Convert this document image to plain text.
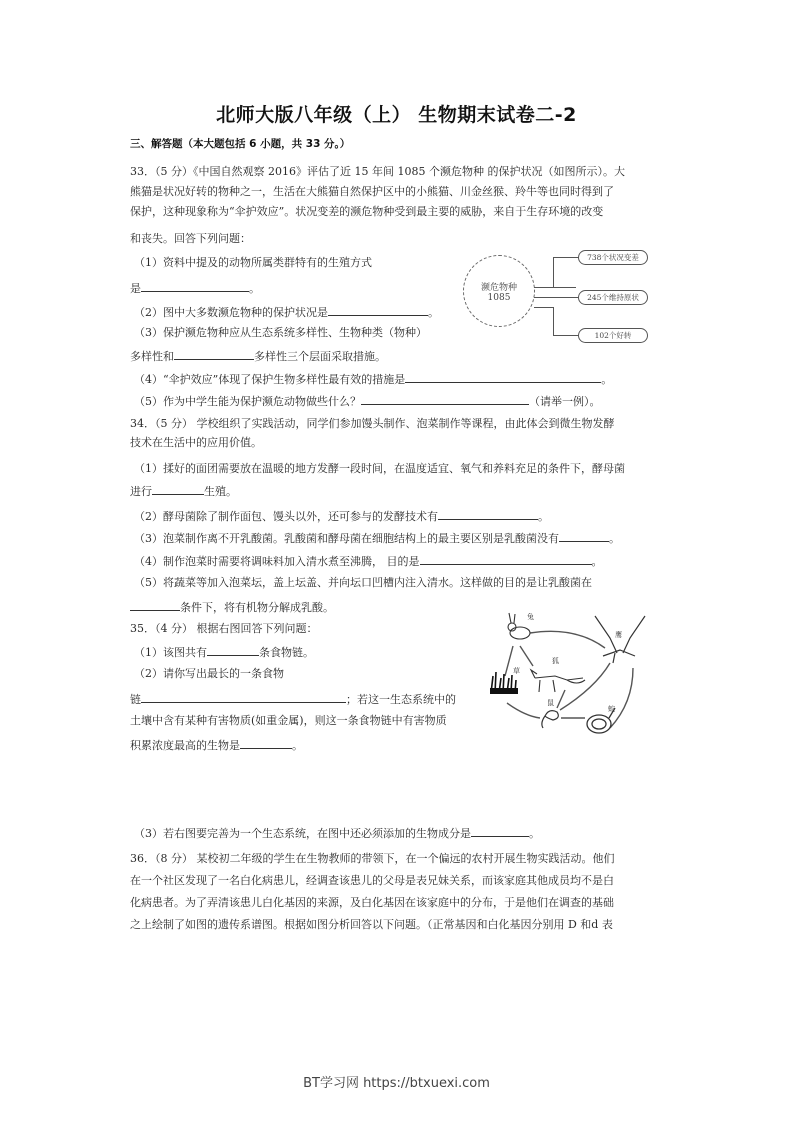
北师大版八年级（上） 生物期末试卷二-2
三、解答题（本大题包括 6 小题，共 33 分。）
33．（5 分）《中国自然观察 2016》评估了近 15 年间 1085 个濒危物种 的保护状况（如图所示）。大
熊猫是状况好转的物种之一，生活在大熊猫自然保护区中的小熊猫、川金丝猴、羚牛等也同时得到了
保护，这种现象称为“伞护效应”。状况变差的濒危物种受到最主要的威胁，来自于生存环境的改变
和丧失。回答下列问题：
（1）资料中提及的动物所属类群特有的生殖方式
是	。
（2）图中大多数濒危物种的保护状况是	。
（3）保护濒危物种应从生态系统多样性、生物种类（物种）
多样性和	多样性三个层面采取措施。
（4）“伞护效应”体现了保护生物多样性最有效的措施是	。
（5）作为中学生能为保护濒危动物做些什么？	（请举一例）。
濒危物种
1085
738个状况变差
245个维持原状
102个好转
34．（5 分） 学校组织了实践活动，同学们参加馒头制作、泡菜制作等课程，由此体会到微生物发酵
技术在生活中的应用价值。
（1）揉好的面团需要放在温暖的地方发酵一段时间，在温度适宜、氧气和养料充足的条件下，酵母菌
进行	生殖。
（2）酵母菌除了制作面包、馒头以外，还可参与的发酵技术有	。
（3）泡菜制作离不开乳酸菌。乳酸菌和酵母菌在细胞结构上的最主要区别是乳酸菌没有	。
（4）制作泡菜时需要将调味料加入清水煮至沸腾， 目的是	。
（5）将蔬菜等加入泡菜坛，盖上坛盖、并向坛口凹槽内注入清水。这样做的目的是让乳酸菌在
条件下，将有机物分解成乳酸。
35．（4 分） 根据右图回答下列问题：
（1）该图共有	条食物链。
（2）请你写出最长的一条食物
链	；若这一生态系统中的
土壤中含有某种有害物质(如重金属)，则这一条食物链中有害物质
积累浓度最高的生物是	。
兔
鹰
草
狐
鼠
蛇
（3）若右图要完善为一个生态系统，在图中还必须添加的生物成分是	。
36．（8 分） 某校初二年级的学生在生物教师的带领下，在一个偏远的农村开展生物实践活动。他们
在一个社区发现了一名白化病患儿，经调查该患儿的父母是表兄妹关系，而该家庭其他成员均不是白
化病患者。为了弄清该患儿白化基因的来源，及白化基因在该家庭中的分布，于是他们在调查的基础
之上绘制了如图的遗传系谱图。根据如图分析回答以下问题。（正常基因和白化基因分别用 D 和d 表
BT学习网 https://btxuexi.com
